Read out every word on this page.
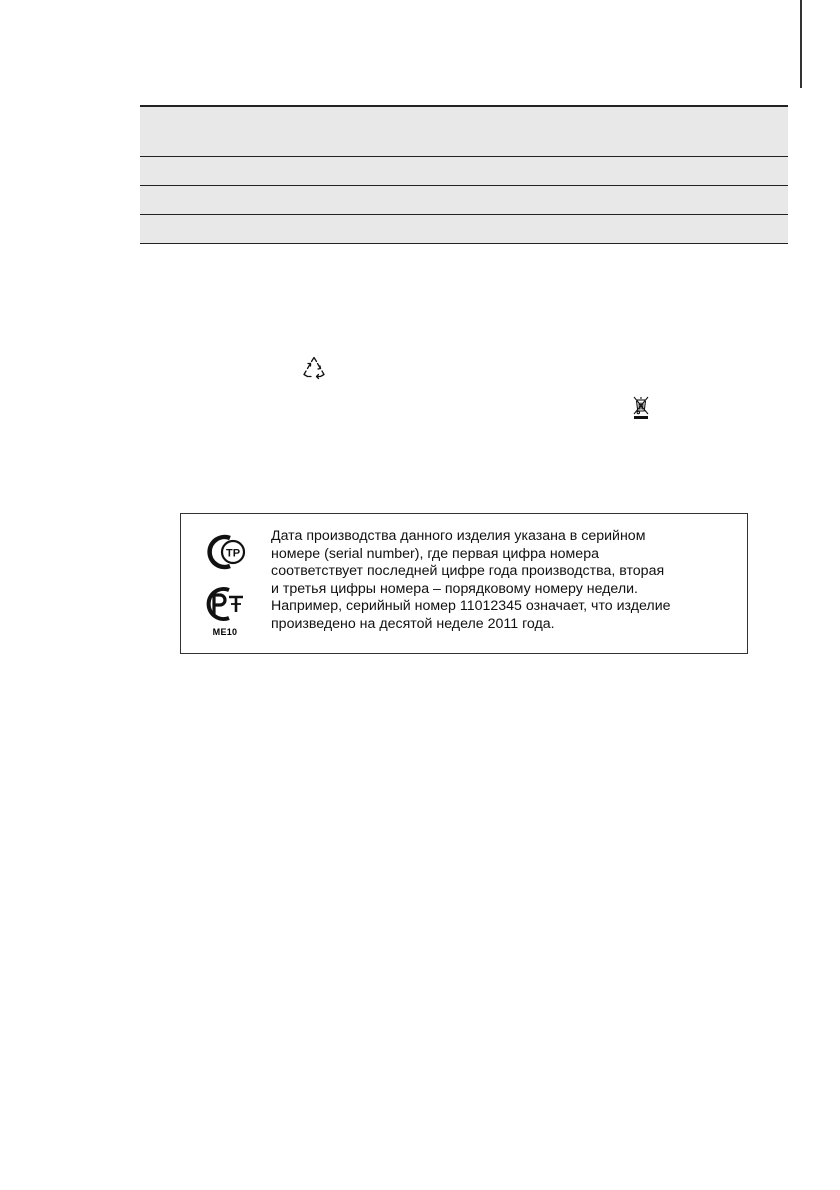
ТР
ME10
Дата производства данного изделия указана в серийном
номере (serial number), где первая цифра номера
соответствует последней цифре года производства, вторая
и третья цифры номера – порядковому номеру недели.
Например, серийный номер 11012345 означает, что изделие
произведено на десятой неделе 2011 года.
